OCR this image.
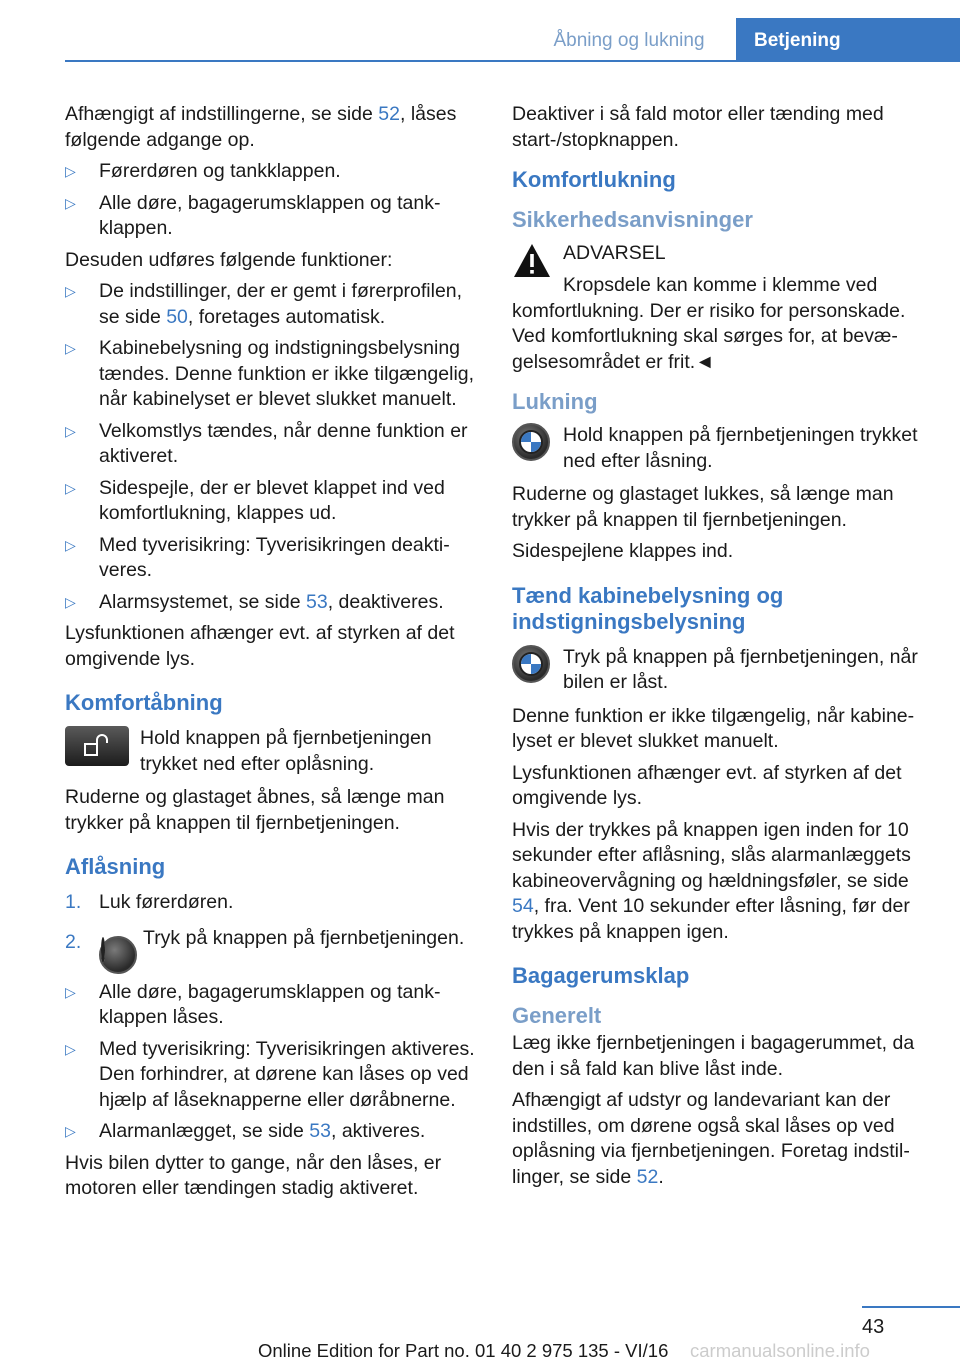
Åbning og lukning	Betjening

Afhængigt af indstillingerne, se side 52, låses følgende adgange op.

▷ Førerdøren og tankklappen.
▷ Alle døre, bagagerumsklappen og tankklappen.

Desuden udføres følgende funktioner:

▷ De indstillinger, der er gemt i førerprofilen, se side 50, foretages automatisk.
▷ Kabinebelysning og indstigningsbelysning tændes. Denne funktion er ikke tilgængelig, når kabinelyset er blevet slukket manuelt.
▷ Velkomstlys tændes, når denne funktion er aktiveret.
▷ Sidespejle, der er blevet klappet ind ved komfortlukning, klappes ud.
▷ Med tyverisikring: Tyverisikringen deaktiveres.
▷ Alarmsystemet, se side 53, deaktiveres.

Lysfunktionen afhænger evt. af styrken af det omgivende lys.

Komfortåbning
Hold knappen på fjernbetjeningen trykket ned efter oplåsning.

Ruderne og glastaget åbnes, så længe man trykker på knappen til fjernbetjeningen.

Aflåsning
1. Luk førerdøren.
2.	Tryk på knappen på fjernbetjeningen.
▷ Alle døre, bagagerumsklappen og tankklappen låses.
▷ Med tyverisikring: Tyverisikringen aktiveres. Den forhindrer, at dørene kan låses op ved hjælp af låseknapperne eller døråbnerne.
▷ Alarmanlægget, se side 53, aktiveres.

Hvis bilen dytter to gange, når den låses, er motoren eller tændingen stadig aktiveret.

Deaktiver i så fald motor eller tænding med start-/stopknappen.

Komfortlukning
Sikkerhedsanvisninger
ADVARSEL

Kropsdele kan komme i klemme ved komfortlukning. Der er risiko for personskade. Ved komfortlukning skal sørges for, at bevægelsesområdet er frit.◄

Lukning
Hold knappen på fjernbetjeningen trykket ned efter låsning.

Ruderne og glastaget lukkes, så længe man trykker på knappen til fjernbetjeningen.

Sidespejlene klappes ind.

Tænd kabinebelysning og indstigningsbelysning
Tryk på knappen på fjernbetjeningen, når bilen er låst.

Denne funktion er ikke tilgængelig, når kabinelyset er blevet slukket manuelt.

Lysfunktionen afhænger evt. af styrken af det omgivende lys.

Hvis der trykkes på knappen igen inden for 10 sekunder efter aflåsning, slås alarmanlæggets kabineovervågning og hældningsføler, se side 54, fra. Vent 10 sekunder efter låsning, før der trykkes på knappen igen.

Bagagerumsklap
Generelt

Læg ikke fjernbetjeningen i bagagerummet, da den i så fald kan blive låst inde.

Afhængigt af udstyr og landevariant kan der indstilles, om dørene også skal låses op ved oplåsning via fjernbetjeningen. Foretag indstillinger, se side 52.

43
Online Edition for Part no. 01 40 2 975 135 - VI/16 carmanualsonline.info
